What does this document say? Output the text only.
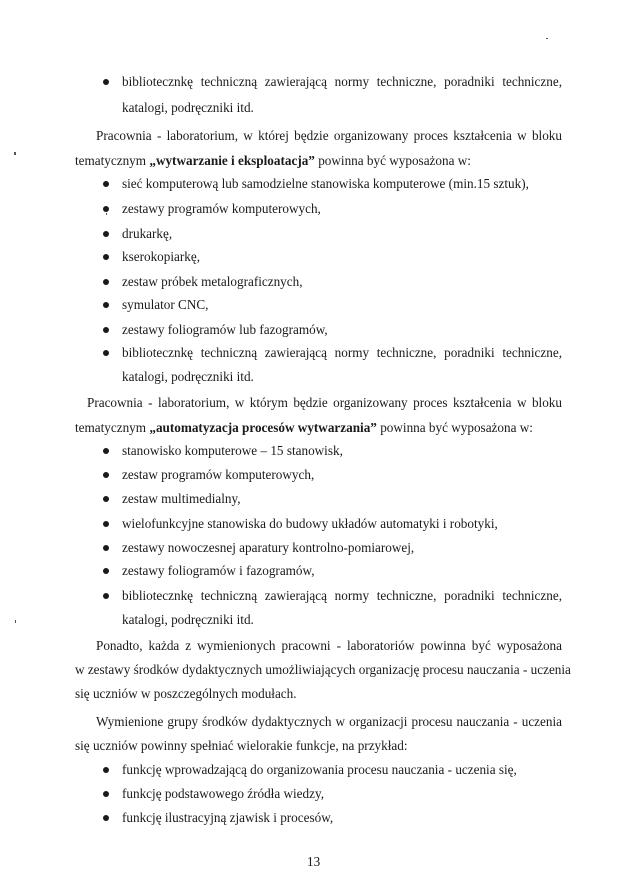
bibliotecznkę techniczną zawierającą normy techniczne, poradniki techniczne,
katalogi, podręczniki itd.
Pracownia - laboratorium, w której będzie organizowany proces kształcenia w bloku
tematycznym „wytwarzanie i eksploatacja” powinna być wyposażona w:
sieć komputerową lub samodzielne stanowiska komputerowe (min.15 sztuk),
zestawy programów komputerowych,
drukarkę,
kserokopiarkę,
zestaw próbek metalograficznych,
symulator CNC,
zestawy foliogramów lub fazogramów,
bibliotecznkę techniczną zawierającą normy techniczne, poradniki techniczne,
katalogi, podręczniki itd.
Pracownia - laboratorium, w którym będzie organizowany proces kształcenia w bloku
tematycznym „automatyzacja procesów wytwarzania” powinna być wyposażona w:
stanowisko komputerowe – 15 stanowisk,
zestaw programów komputerowych,
zestaw multimedialny,
wielofunkcyjne stanowiska do budowy układów automatyki i robotyki,
zestawy nowoczesnej aparatury kontrolno-pomiarowej,
zestawy foliogramów i fazogramów,
bibliotecznkę techniczną zawierającą normy techniczne, poradniki techniczne,
katalogi, podręczniki itd.
Ponadto, każda z wymienionych pracowni - laboratoriów powinna być wyposażona
w zestawy środków dydaktycznych umożliwiających organizację procesu nauczania - uczenia
się uczniów w poszczególnych modułach.
Wymienione grupy środków dydaktycznych w organizacji procesu nauczania - uczenia
się uczniów powinny spełniać wielorakie funkcje, na przykład:
funkcję wprowadzającą do organizowania procesu nauczania - uczenia się,
funkcję podstawowego źródła wiedzy,
funkcję ilustracyjną zjawisk i procesów,
13
